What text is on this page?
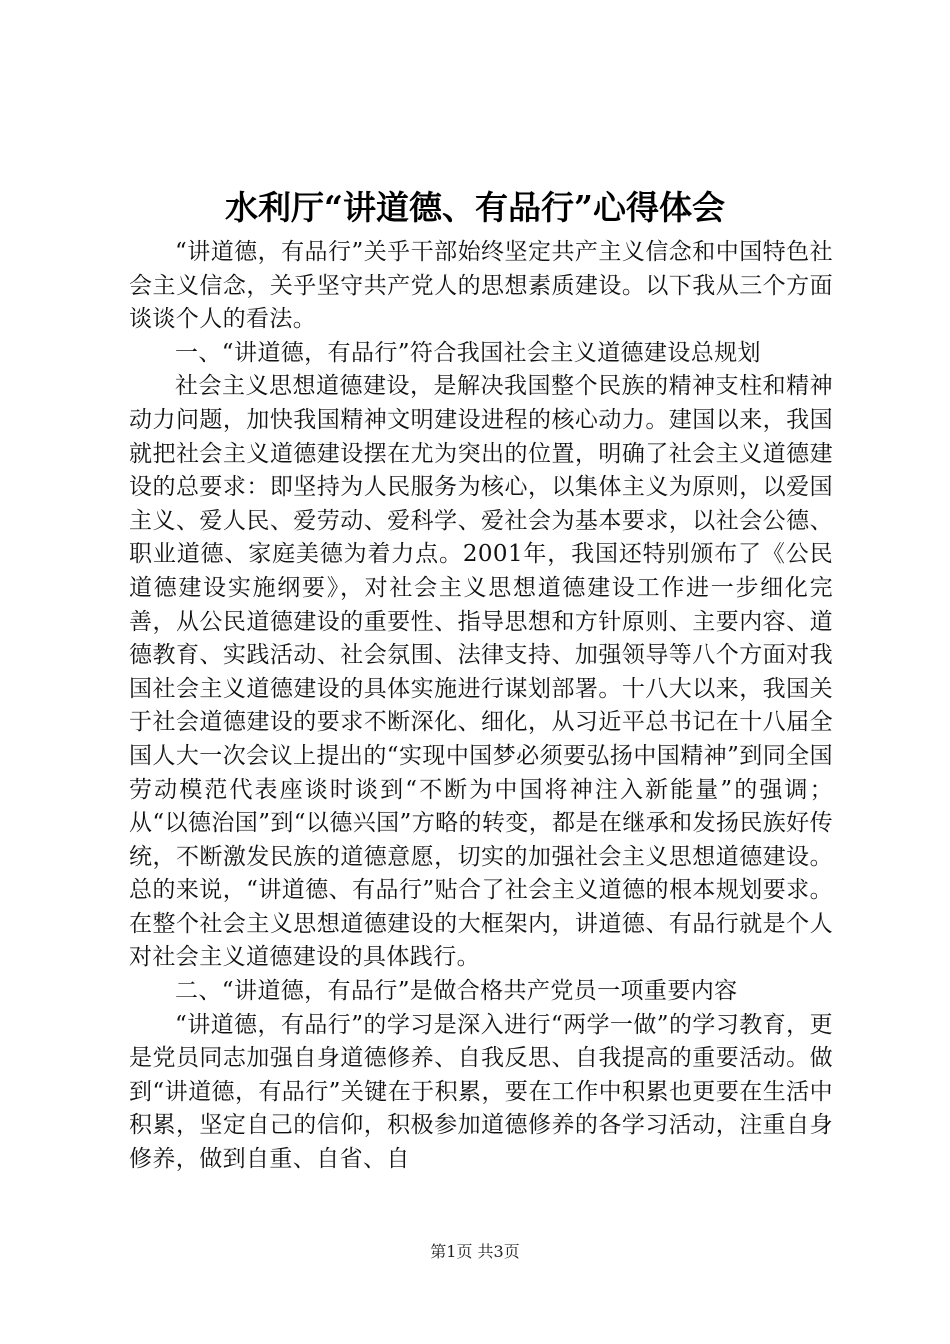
水利厅“讲道德、有品行”心得体会

“讲道德，有品行”关乎干部始终坚定共产主义信念和中国特色社会主义信念，关乎坚守共产党人的思想素质建设。以下我从三个方面谈谈个人的看法。

一、“讲道德，有品行”符合我国社会主义道德建设总规划

社会主义思想道德建设，是解决我国整个民族的精神支柱和精神动力问题，加快我国精神文明建设进程的核心动力。建国以来，我国就把社会主义道德建设摆在尤为突出的位置，明确了社会主义道德建设的总要求：即坚持为人民服务为核心，以集体主义为原则，以爱国主义、爱人民、爱劳动、爱科学、爱社会为基本要求，以社会公德、职业道德、家庭美德为着力点。2001年，我国还特别颁布了《公民道德建设实施纲要》，对社会主义思想道德建设工作进一步细化完善，从公民道德建设的重要性、指导思想和方针原则、主要内容、道德教育、实践活动、社会氛围、法律支持、加强领导等八个方面对我国社会主义道德建设的具体实施进行谋划部署。十八大以来，我国关于社会道德建设的要求不断深化、细化，从习近平总书记在十八届全国人大一次会议上提出的“实现中国梦必须要弘扬中国精神”到同全国劳动模范代表座谈时谈到“不断为中国将神注入新能量”的强调；从“以德治国”到“以德兴国”方略的转变，都是在继承和发扬民族好传统，不断激发民族的道德意愿，切实的加强社会主义思想道德建设。总的来说，“讲道德、有品行”贴合了社会主义道德的根本规划要求。在整个社会主义思想道德建设的大框架内，讲道德、有品行就是个人对社会主义道德建设的具体践行。

二、“讲道德，有品行”是做合格共产党员一项重要内容

“讲道德，有品行”的学习是深入进行“两学一做”的学习教育，更是党员同志加强自身道德修养、自我反思、自我提高的重要活动。做到“讲道德，有品行”关键在于积累，要在工作中积累也更要在生活中积累，坚定自己的信仰，积极参加道德修养的各学习活动，注重自身修养，做到自重、自省、自

第1页 共3页
